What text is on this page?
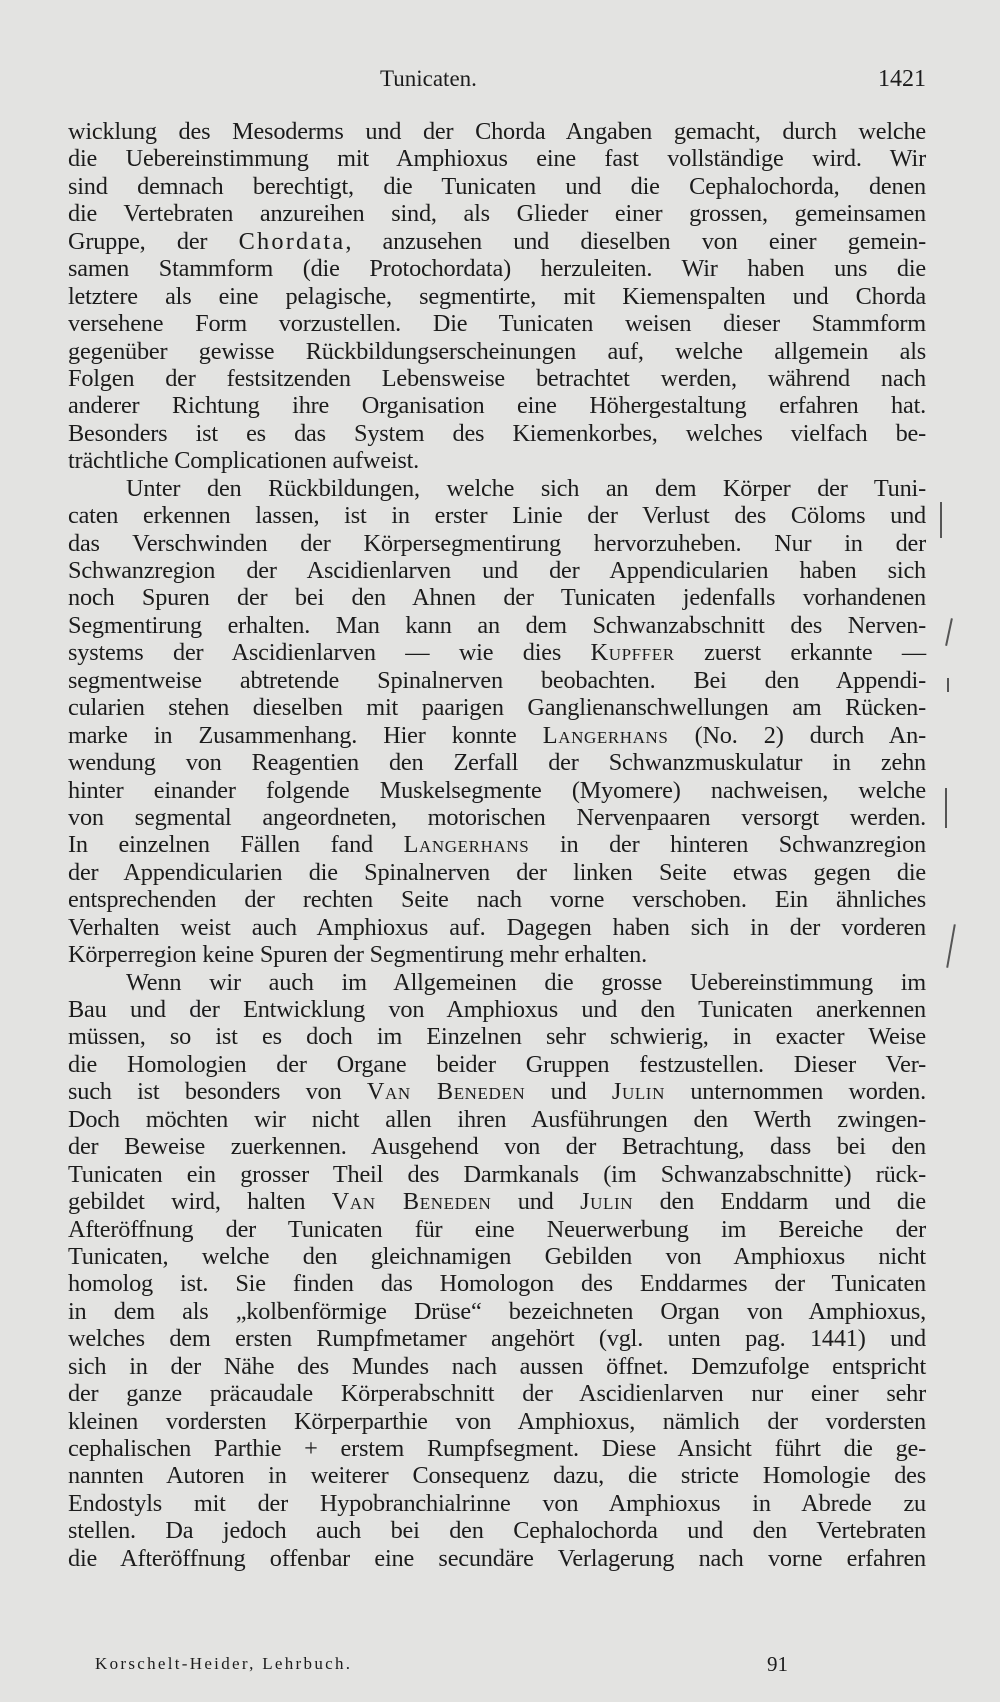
Tunicaten.	1421
wicklung des Mesoderms und der Chorda Angaben gemacht, durch welche
die Uebereinstimmung mit Amphioxus eine fast vollständige wird. Wir
sind demnach berechtigt, die Tunicaten und die Cephalochorda, denen
die Vertebraten anzureihen sind, als Glieder einer grossen, gemeinsamen
Gruppe, der Chordata, anzusehen und dieselben von einer gemein-
samen Stammform (die Protochordata) herzuleiten. Wir haben uns die
letztere als eine pelagische, segmentirte, mit Kiemenspalten und Chorda
versehene Form vorzustellen. Die Tunicaten weisen dieser Stammform
gegenüber gewisse Rückbildungserscheinungen auf, welche allgemein als
Folgen der festsitzenden Lebensweise betrachtet werden, während nach
anderer Richtung ihre Organisation eine Höhergestaltung erfahren hat.
Besonders ist es das System des Kiemenkorbes, welches vielfach be-
trächtliche Complicationen aufweist.
Unter den Rückbildungen, welche sich an dem Körper der Tuni-
caten erkennen lassen, ist in erster Linie der Verlust des Cöloms und
das Verschwinden der Körpersegmentirung hervorzuheben. Nur in der
Schwanzregion der Ascidienlarven und der Appendicularien haben sich
noch Spuren der bei den Ahnen der Tunicaten jedenfalls vorhandenen
Segmentirung erhalten. Man kann an dem Schwanzabschnitt des Nerven-
systems der Ascidienlarven — wie dies Kupffer zuerst erkannte —
segmentweise abtretende Spinalnerven beobachten. Bei den Appendi-
cularien stehen dieselben mit paarigen Ganglienanschwellungen am Rücken-
marke in Zusammenhang. Hier konnte Langerhans (No. 2) durch An-
wendung von Reagentien den Zerfall der Schwanzmuskulatur in zehn
hinter einander folgende Muskelsegmente (Myomere) nachweisen, welche
von segmental angeordneten, motorischen Nervenpaaren versorgt werden.
In einzelnen Fällen fand Langerhans in der hinteren Schwanzregion
der Appendicularien die Spinalnerven der linken Seite etwas gegen die
entsprechenden der rechten Seite nach vorne verschoben. Ein ähnliches
Verhalten weist auch Amphioxus auf. Dagegen haben sich in der vorderen
Körperregion keine Spuren der Segmentirung mehr erhalten.
Wenn wir auch im Allgemeinen die grosse Uebereinstimmung im
Bau und der Entwicklung von Amphioxus und den Tunicaten anerkennen
müssen, so ist es doch im Einzelnen sehr schwierig, in exacter Weise
die Homologien der Organe beider Gruppen festzustellen. Dieser Ver-
such ist besonders von Van Beneden und Julin unternommen worden.
Doch möchten wir nicht allen ihren Ausführungen den Werth zwingen-
der Beweise zuerkennen. Ausgehend von der Betrachtung, dass bei den
Tunicaten ein grosser Theil des Darmkanals (im Schwanzabschnitte) rück-
gebildet wird, halten Van Beneden und Julin den Enddarm und die
Afteröffnung der Tunicaten für eine Neuerwerbung im Bereiche der
Tunicaten, welche den gleichnamigen Gebilden von Amphioxus nicht
homolog ist. Sie finden das Homologon des Enddarmes der Tunicaten
in dem als „kolbenförmige Drüse“ bezeichneten Organ von Amphioxus,
welches dem ersten Rumpfmetamer angehört (vgl. unten pag. 1441) und
sich in der Nähe des Mundes nach aussen öffnet. Demzufolge entspricht
der ganze präcaudale Körperabschnitt der Ascidienlarven nur einer sehr
kleinen vordersten Körperparthie von Amphioxus, nämlich der vordersten
cephalischen Parthie + erstem Rumpfsegment. Diese Ansicht führt die ge-
nannten Autoren in weiterer Consequenz dazu, die stricte Homologie des
Endostyls mit der Hypobranchialrinne von Amphioxus in Abrede zu
stellen. Da jedoch auch bei den Cephalochorda und den Vertebraten
die Afteröffnung offenbar eine secundäre Verlagerung nach vorne erfahren
Korschelt-Heider, Lehrbuch.	91
